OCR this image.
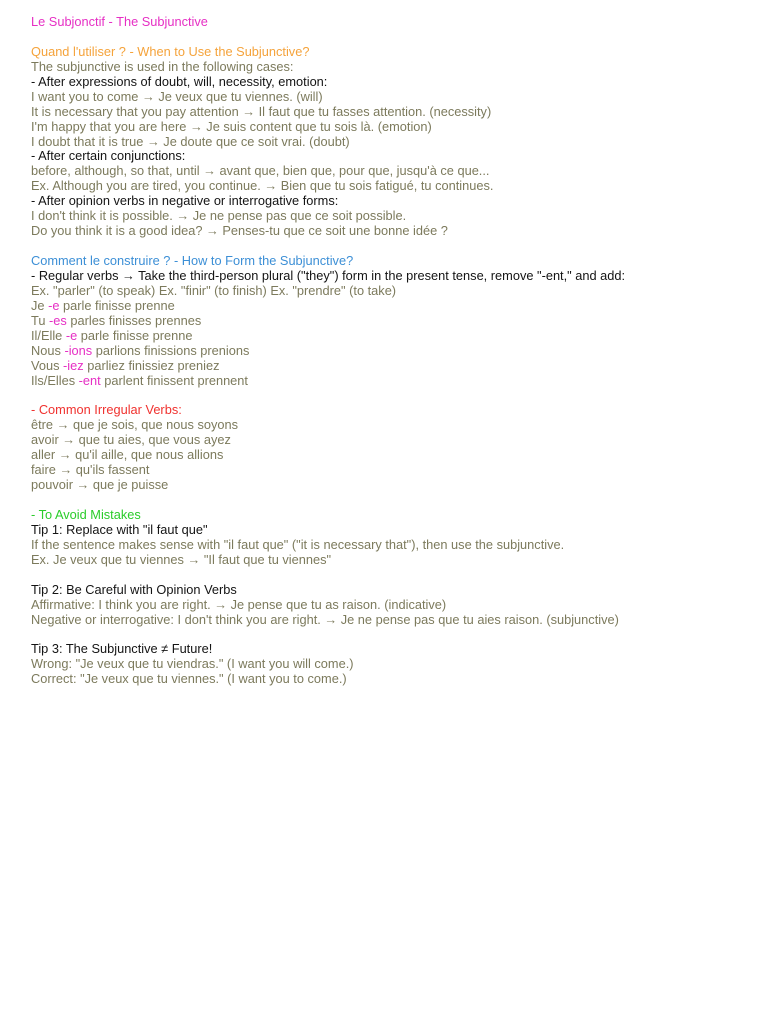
Le Subjonctif - The Subjunctive
Quand l'utiliser ? - When to Use the Subjunctive?
The subjunctive is used in the following cases:
- After expressions of doubt, will, necessity, emotion:
I want you to come → Je veux que tu viennes. (will)
It is necessary that you pay attention → Il faut que tu fasses attention. (necessity)
I'm happy that you are here → Je suis content que tu sois là. (emotion)
I doubt that it is true → Je doute que ce soit vrai. (doubt)
- After certain conjunctions:
before, although, so that, until → avant que, bien que, pour que, jusqu'à ce que...
Ex. Although you are tired, you continue. → Bien que tu sois fatigué, tu continues.
- After opinion verbs in negative or interrogative forms:
I don't think it is possible. → Je ne pense pas que ce soit possible.
Do you think it is a good idea? → Penses-tu que ce soit une bonne idée ?
Comment le construire ? - How to Form the Subjunctive?
- Regular verbs → Take the third-person plural ("they") form in the present tense, remove "-ent," and add:
Ex. "parler" (to speak) Ex. "finir" (to finish) Ex. "prendre" (to take)
Je -e parle finisse prenne
Tu -es parles finisses prennes
Il/Elle -e parle finisse prenne
Nous -ions parlions finissions prenions
Vous -iez parliez finissiez preniez
Ils/Elles -ent parlent finissent prennent
- Common Irregular Verbs:
être → que je sois, que nous soyons
avoir → que tu aies, que vous ayez
aller → qu'il aille, que nous allions
faire → qu'ils fassent
pouvoir → que je puisse
- To Avoid Mistakes
Tip 1: Replace with "il faut que"
If the sentence makes sense with "il faut que" ("it is necessary that"), then use the subjunctive.
Ex. Je veux que tu viennes → "Il faut que tu viennes"
Tip 2: Be Careful with Opinion Verbs
Affirmative: I think you are right. → Je pense que tu as raison. (indicative)
Negative or interrogative: I don't think you are right. → Je ne pense pas que tu aies raison. (subjunctive)
Tip 3: The Subjunctive ≠ Future!
Wrong: "Je veux que tu viendras." (I want you will come.)
Correct: "Je veux que tu viennes." (I want you to come.)
